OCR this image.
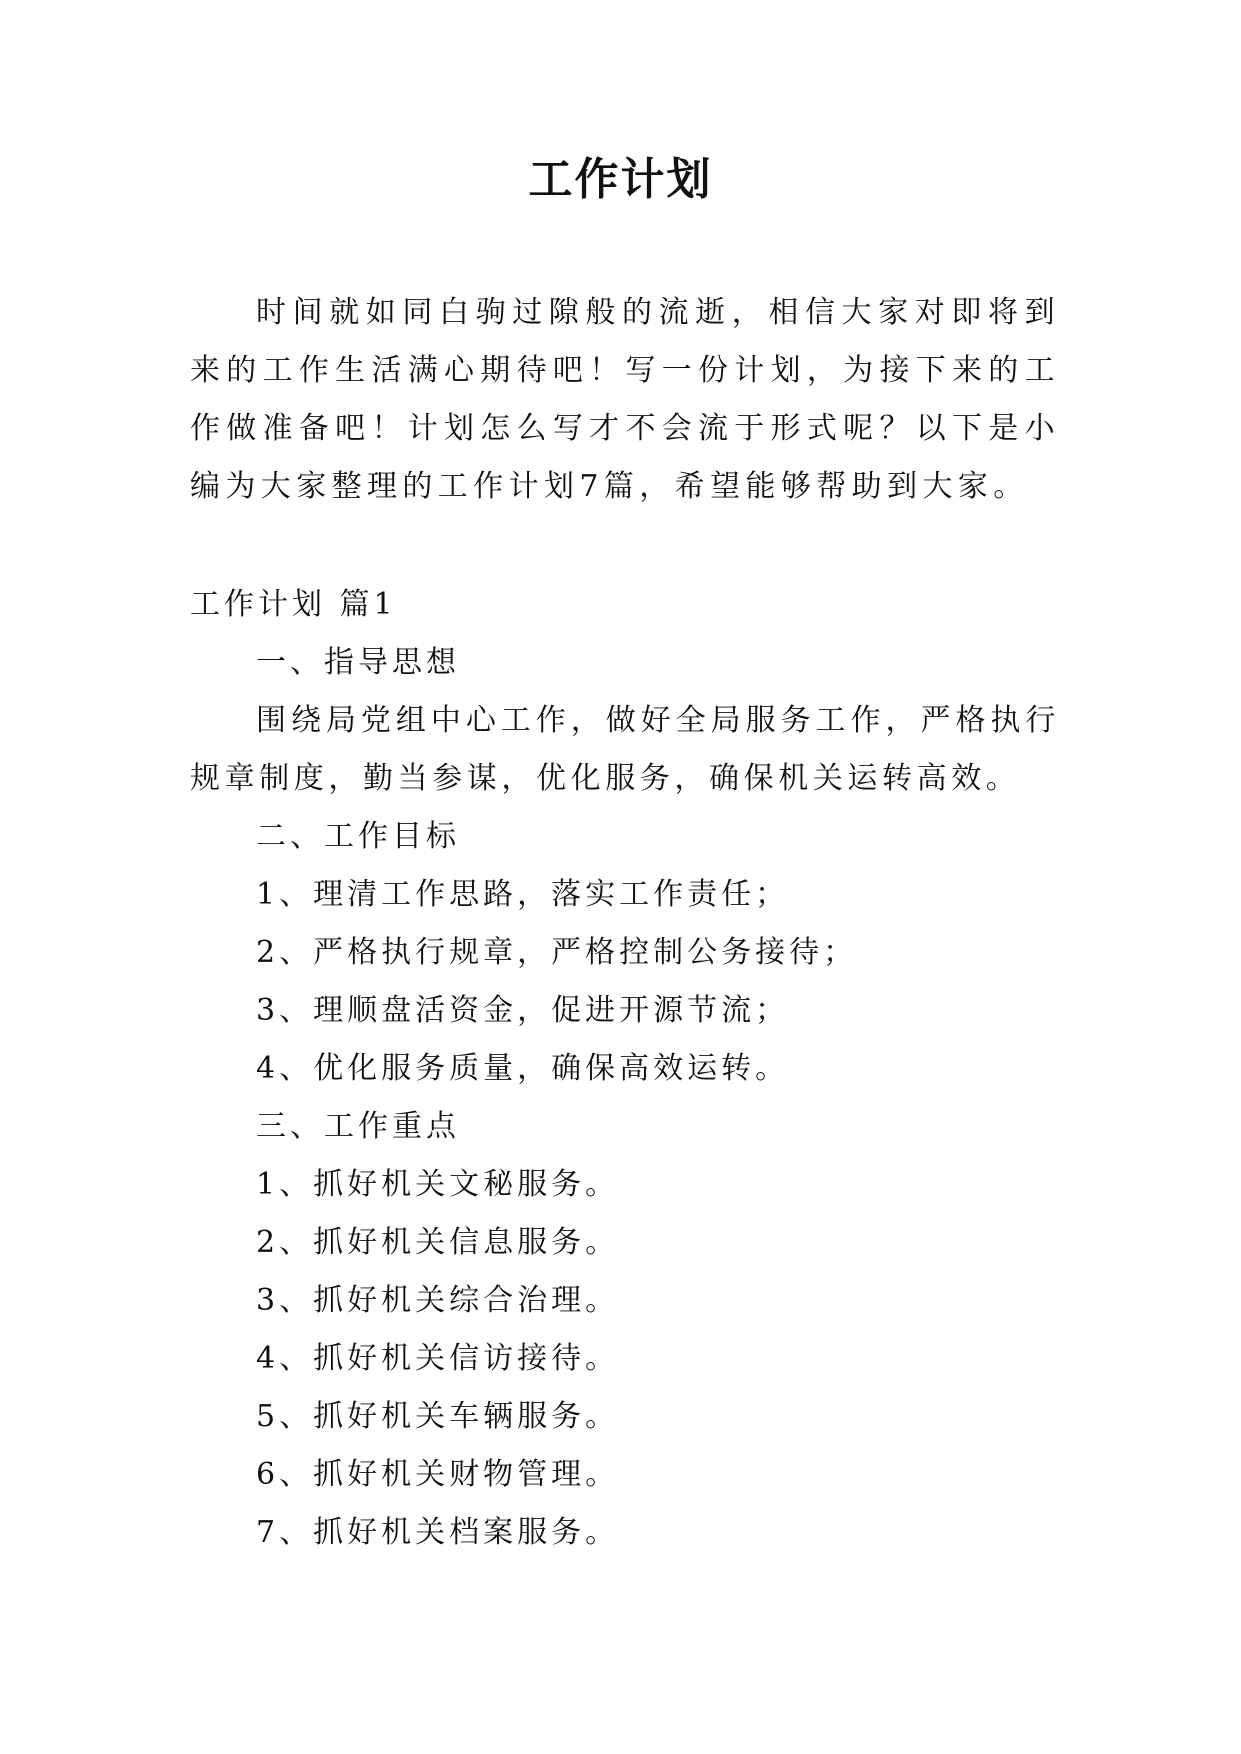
工作计划

时间就如同白驹过隙般的流逝，相信大家对即将到来的工作生活满心期待吧！写一份计划，为接下来的工作做准备吧！计划怎么写才不会流于形式呢？以下是小编为大家整理的工作计划7篇，希望能够帮助到大家。

工作计划 篇1

一、指导思想

围绕局党组中心工作，做好全局服务工作，严格执行规章制度，勤当参谋，优化服务，确保机关运转高效。

二、工作目标

1、理清工作思路，落实工作责任；

2、严格执行规章，严格控制公务接待；

3、理顺盘活资金，促进开源节流；

4、优化服务质量，确保高效运转。

三、工作重点

1、抓好机关文秘服务。

2、抓好机关信息服务。

3、抓好机关综合治理。

4、抓好机关信访接待。

5、抓好机关车辆服务。

6、抓好机关财物管理。

7、抓好机关档案服务。
